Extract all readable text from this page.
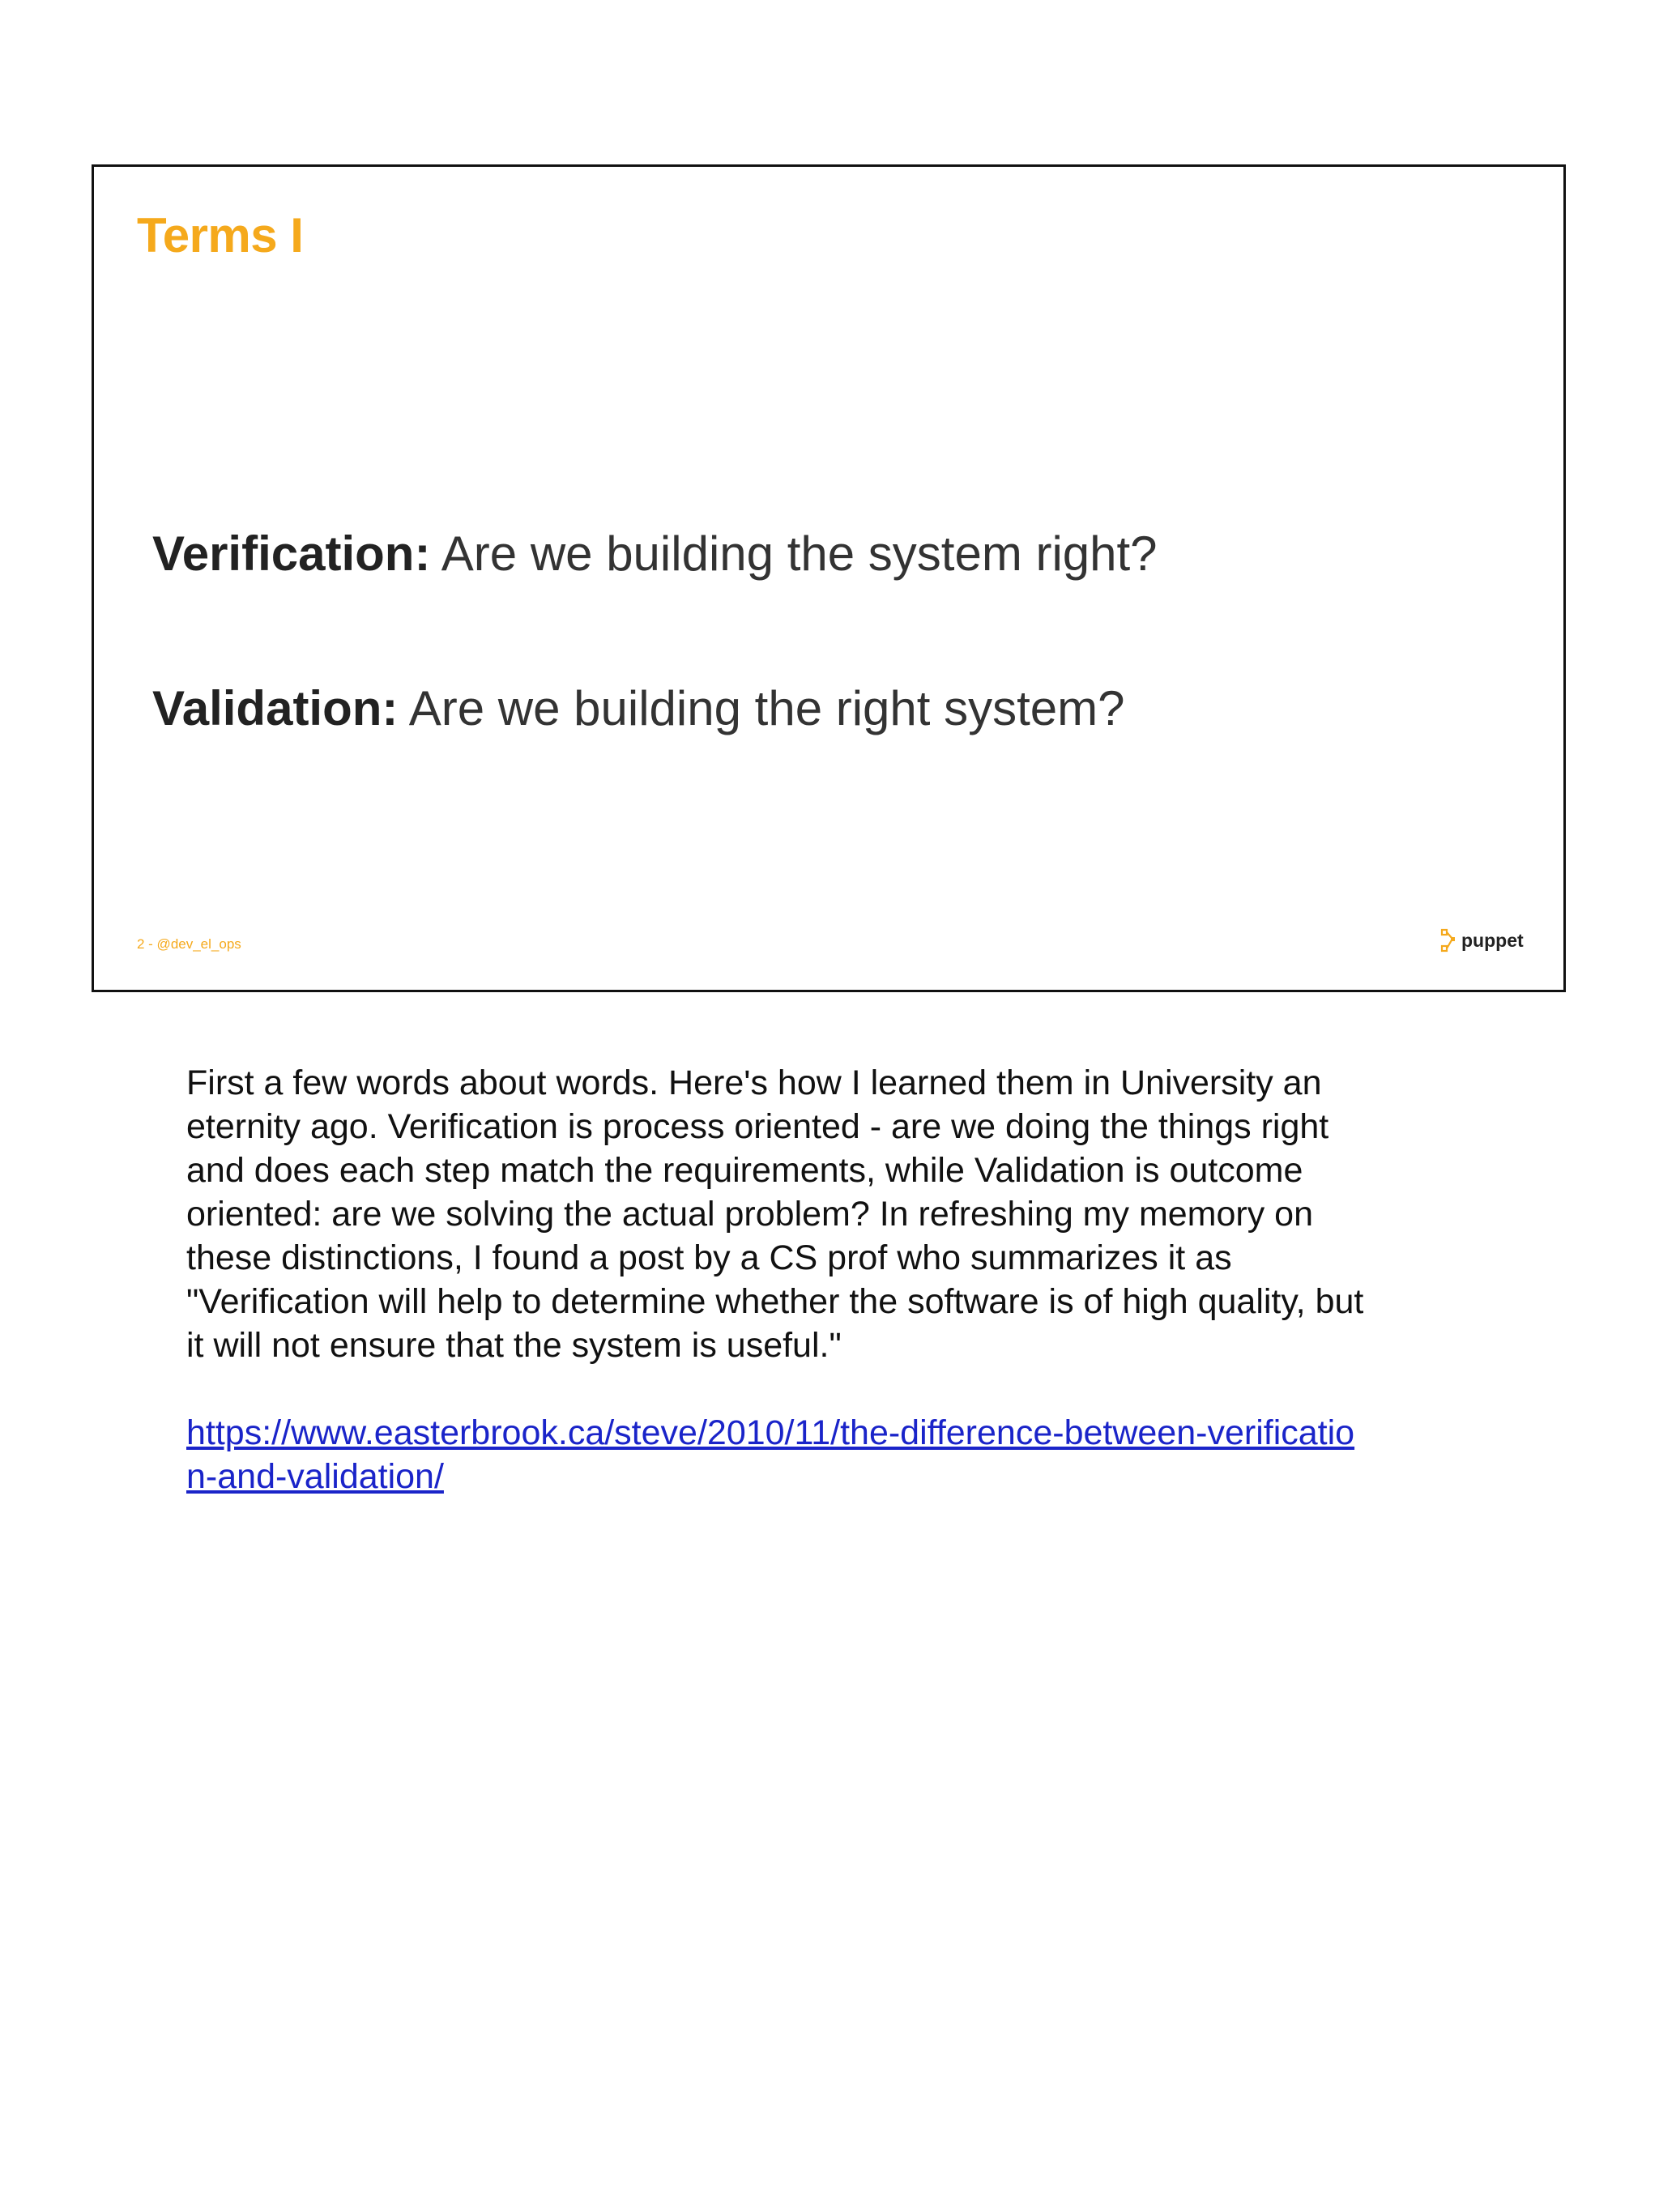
Terms I
Verification: Are we building the system right?
Validation: Are we building the right system?
2 - @dev_el_ops	puppet

First a few words about words. Here's how I learned them in University an
eternity ago. Verification is process oriented - are we doing the things right
and does each step match the requirements, while Validation is outcome
oriented: are we solving the actual problem? In refreshing my memory on
these distinctions, I found a post by a CS prof who summarizes it as
"Verification will help to determine whether the software is of high quality, but
it will not ensure that the system is useful."

https://www.easterbrook.ca/steve/2010/11/the-difference-between-verificatio
n-and-validation/
